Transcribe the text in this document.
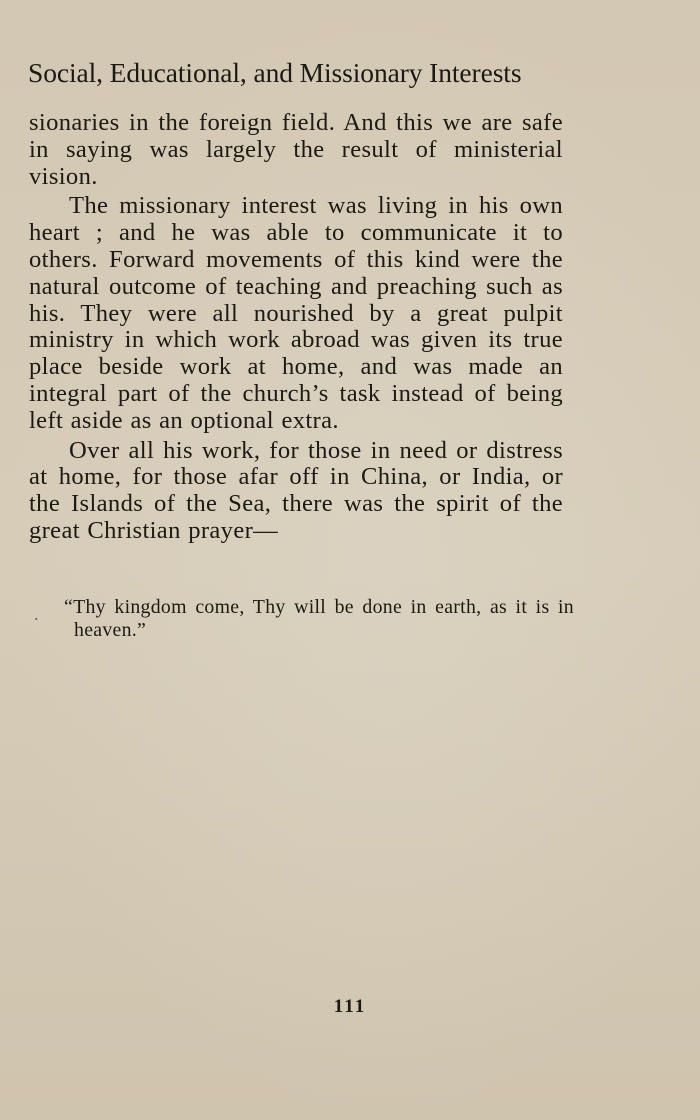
Social, Educational, and Missionary Interests

sionaries in the foreign field. And this we are safe in saying was largely the result of ministerial vision.

The missionary interest was living in his own heart ; and he was able to communicate it to others. Forward movements of this kind were the natural outcome of teaching and preaching such as his. They were all nourished by a great pulpit ministry in which work abroad was given its true place beside work at home, and was made an integral part of the church’s task instead of being left aside as an optional extra.

Over all his work, for those in need or distress at home, for those afar off in China, or India, or the Islands of the Sea, there was the spirit of the great Christian prayer—

. “Thy kingdom come, Thy will be done in earth, as it is in heaven.”
111
